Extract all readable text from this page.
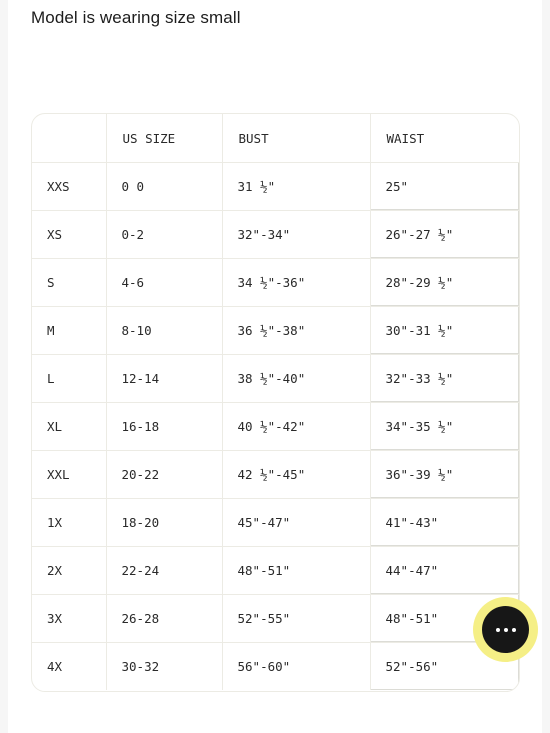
Model is wearing size small
	US SIZE	BUST	WAIST
XXS	0 0	31 ½"	25"
XS	0-2	32"-34"	26"-27 ½"
S	4-6	34 ½"-36"	28"-29 ½"
M	8-10	36 ½"-38"	30"-31 ½"
L	12-14	38 ½"-40"	32"-33 ½"
XL	16-18	40 ½"-42"	34"-35 ½"
XXL	20-22	42 ½"-45"	36"-39 ½"
1X	18-20	45"-47"	41"-43"
2X	22-24	48"-51"	44"-47"
3X	26-28	52"-55"	48"-51"
4X	30-32	56"-60"	52"-56"
